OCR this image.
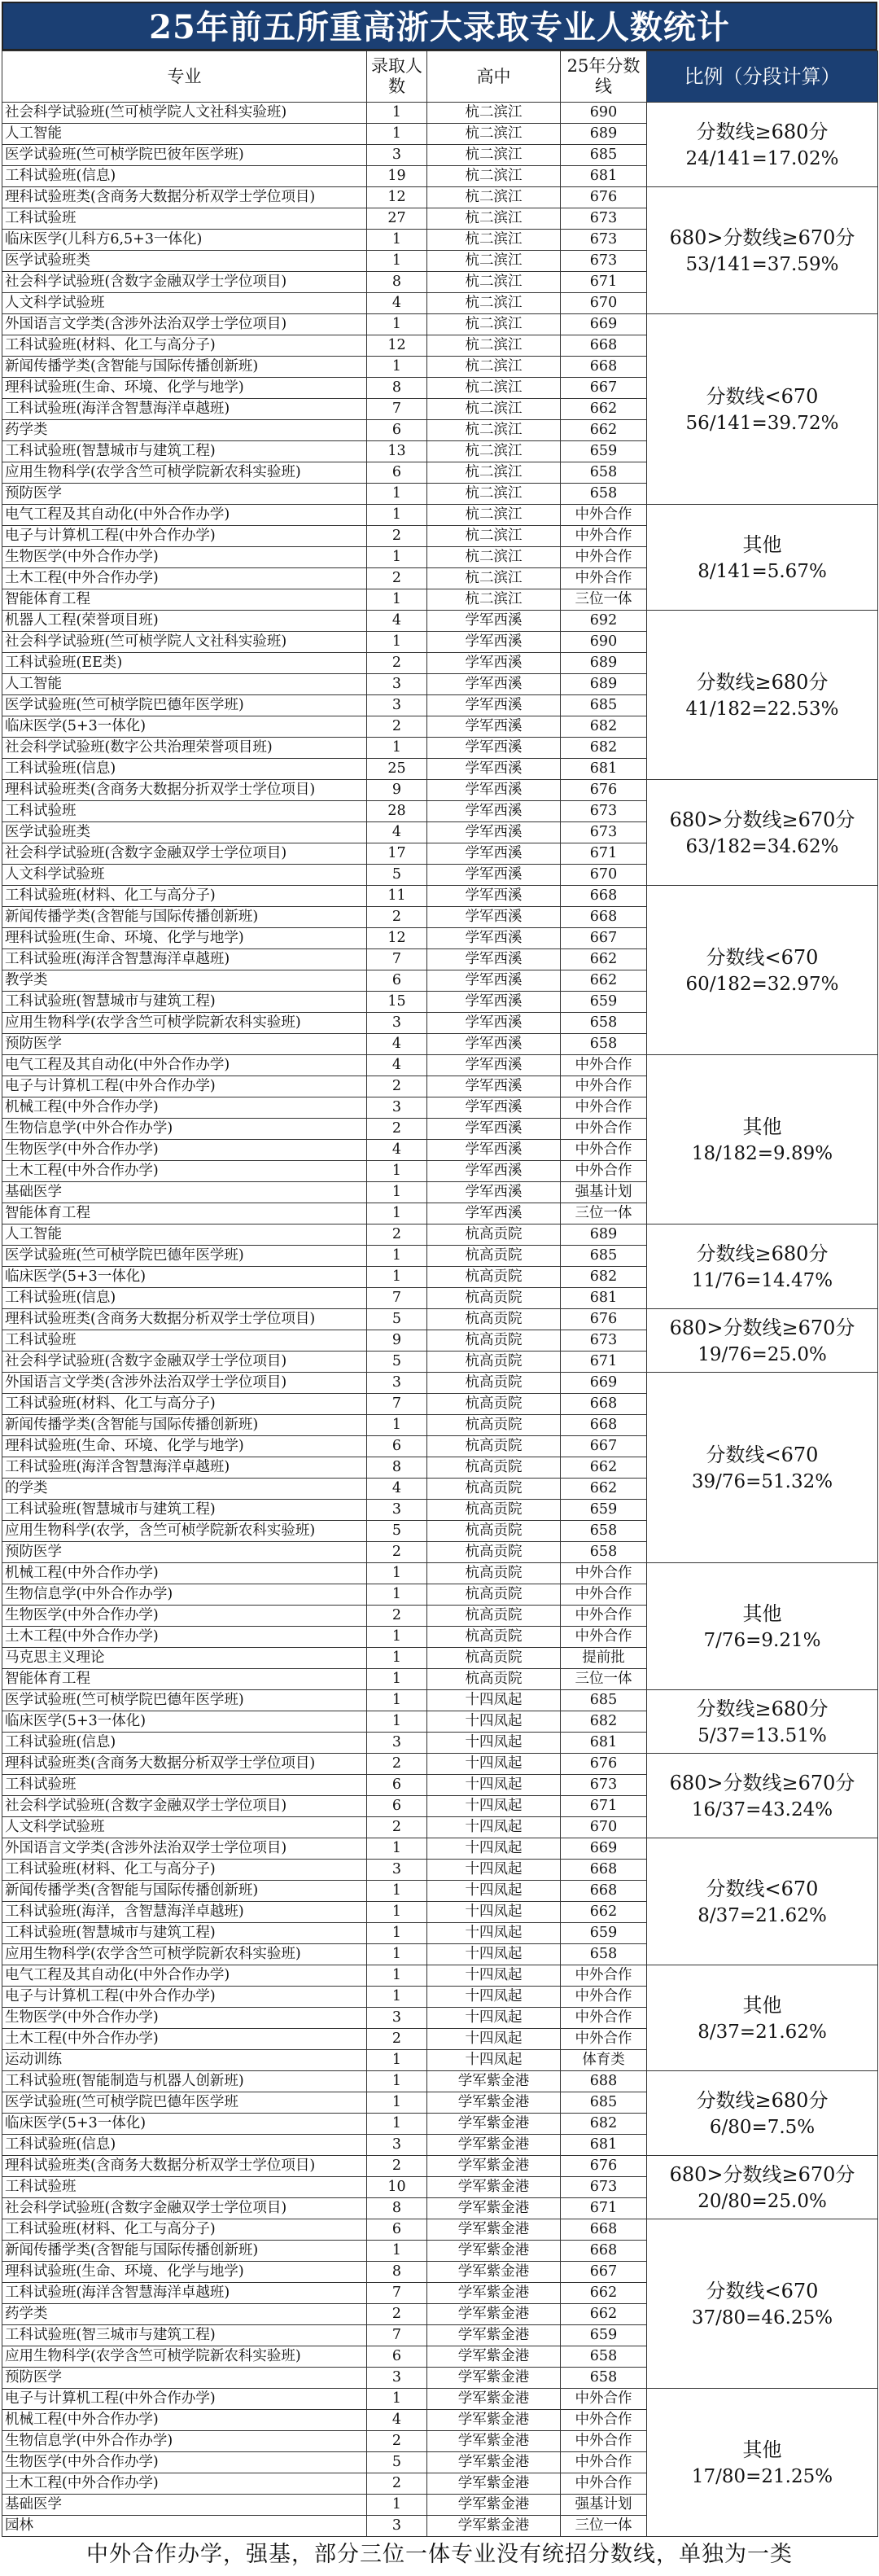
25年前五所重高浙大录取专业人数统计
专业	录取人数	高中	25年分数线	比例（分段计算）
社会科学试验班(竺可桢学院人文社科实验班)	1	杭二滨江	690	分数线≥680分
24/141=17.02%

人工智能	1	杭二滨江	689	
医学试验班(竺可桢学院巴彼年医学班)	3	杭二滨江	685	
工科试验班(信息)	19	杭二滨江	681	
理科试验班类(含商务大数据分析双学士学位项目)	12	杭二滨江	676	680>分数线≥670分
53/141=37.59%

工科试验班	27	杭二滨江	673	
临床医学(儿科方6,5+3一体化)	1	杭二滨江	673	
医学试验班类	1	杭二滨江	673	
社会科学试验班(含数字金融双学士学位项目)	8	杭二滨江	671	
人文科学试验班	4	杭二滨江	670	
外国语言文学类(含涉外法治双学士学位项目)	1	杭二滨江	669	分数线<670
56/141=39.72%

工科试验班(材料、化工与高分子)	12	杭二滨江	668	
新闻传播学类(含智能与国际传播创新班)	1	杭二滨江	668	
理科试验班(生命、环境、化学与地学)	8	杭二滨江	667	
工科试验班(海洋含智慧海洋卓越班)	7	杭二滨江	662	
药学类	6	杭二滨江	662	
工科试验班(智慧城市与建筑工程)	13	杭二滨江	659	
应用生物科学(农学含竺可桢学院新农科实验班)	6	杭二滨江	658	
预防医学	1	杭二滨江	658	
电气工程及其自动化(中外合作办学)	1	杭二滨江	中外合作	其他
8/141=5.67%

电子与计算机工程(中外合作办学)	2	杭二滨江	中外合作	
生物医学(中外合作办学)	1	杭二滨江	中外合作	
土木工程(中外合作办学)	2	杭二滨江	中外合作	
智能体育工程	1	杭二滨江	三位一体	
机器人工程(荣誉项目班)	4	学军西溪	692	分数线≥680分
41/182=22.53%

社会科学试验班(竺可桢学院人文社科实验班)	1	学军西溪	690	
工科试验班(EE类)	2	学军西溪	689	
人工智能	3	学军西溪	689	
医学试验班(竺可桢学院巴德年医学班)	3	学军西溪	685	
临床医学(5+3一体化)	2	学军西溪	682	
社会科学试验班(数字公共治理荣誉项目班)	1	学军西溪	682	
工科试验班(信息)	25	学军西溪	681	
理科试验班类(含商务大数据分折双学士学位项目)	9	学军西溪	676	680>分数线≥670分
63/182=34.62%

工科试验班	28	学军西溪	673	
医学试验班类	4	学军西溪	673	
社会科学试验班(含数字金融双学士学位项目)	17	学军西溪	671	
人文科学试验班	5	学军西溪	670	
工科试验班(材料、化工与高分子)	11	学军西溪	668	分数线<670
60/182=32.97%

新闻传播学类(含智能与国际传播创新班)	2	学军西溪	668	
理科试验班(生命、环境、化学与地学)	12	学军西溪	667	
工科试验班(海洋含智慧海洋卓越班)	7	学军西溪	662	
教学类	6	学军西溪	662	
工科试验班(智慧城市与建筑工程)	15	学军西溪	659	
应用生物科学(农学含竺可桢学院新农科实验班)	3	学军西溪	658	
预防医学	4	学军西溪	658	
电气工程及其自动化(中外合作办学)	4	学军西溪	中外合作	其他
18/182=9.89%

电子与计算机工程(中外合作办学)	2	学军西溪	中外合作	
机械工程(中外合作办学)	3	学军西溪	中外合作	
生物信息学(中外合作办学)	2	学军西溪	中外合作	
生物医学(中外合作办学)	4	学军西溪	中外合作	
土木工程(中外合作办学)	1	学军西溪	中外合作	
基础医学	1	学军西溪	强基计划	
智能体育工程	1	学军西溪	三位一体	
人工智能	2	杭高贡院	689	分数线≥680分
11/76=14.47%

医学试验班(竺可桢学院巴德年医学班)	1	杭高贡院	685	
临床医学(5+3一体化)	1	杭高贡院	682	
工科试验班(信息)	7	杭高贡院	681	
理科试验班类(含商务大数据分析双学士学位项目)	5	杭高贡院	676	680>分数线≥670分
19/76=25.0%

工科试验班	9	杭高贡院	673	
社会科学试验班(含数字金融双学士学位项目)	5	杭高贡院	671	
外国语言文学类(含涉外法治双学士学位项目)	3	杭高贡院	669	分数线<670
39/76=51.32%

工科试验班(材料、化工与高分子)	7	杭高贡院	668	
新闻传播学类(含智能与国际传播创新班)	1	杭高贡院	668	
理科试验班(生命、环境、化学与地学)	6	杭高贡院	667	
工科试验班(海洋含智慧海洋卓越班)	8	杭高贡院	662	
的学类	4	杭高贡院	662	
工科试验班(智慧城市与建筑工程)	3	杭高贡院	659	
应用生物科学(农学，含竺可桢学院新农科实验班)	5	杭高贡院	658	
预防医学	2	杭高贡院	658	
机械工程(中外合作办学)	1	杭高贡院	中外合作	其他
7/76=9.21%

生物信息学(中外合作办学)	1	杭高贡院	中外合作	
生物医学(中外合作办学)	2	杭高贡院	中外合作	
土木工程(中外合作办学)	1	杭高贡院	中外合作	
马克思主义理论	1	杭高贡院	提前批	
智能体育工程	1	杭高贡院	三位一体	
医学试验班(竺可桢学院巴德年医学班)	1	十四凤起	685	分数线≥680分
5/37=13.51%

临床医学(5+3一体化)	1	十四凤起	682	
工科试验班(信息)	3	十四凤起	681	
理科试验班类(含商务大数据分析双学士学位项目)	2	十四凤起	676	680>分数线≥670分
16/37=43.24%

工科试验班	6	十四凤起	673	
社会科学试验班(含数字金融双学士学位项目)	6	十四凤起	671	
人文科学试验班	2	十四凤起	670	
外国语言文学类(含涉外法治双学士学位项目)	1	十四凤起	669	分数线<670
8/37=21.62%

工科试验班(材料、化工与高分子)	3	十四凤起	668	
新闻传播学类(含智能与国际传播创新班)	1	十四凤起	668	
工科试验班(海洋，含智慧海洋卓越班)	1	十四凤起	662	
工科试验班(智慧城市与建筑工程)	1	十四凤起	659	
应用生物科学(农学含竺可桢学院新农科实验班)	1	十四凤起	658	
电气工程及其自动化(中外合作办学)	1	十四凤起	中外合作	其他
8/37=21.62%

电子与计算机工程(中外合作办学)	1	十四凤起	中外合作	
生物医学(中外合作办学)	3	十四凤起	中外合作	
土木工程(中外合作办学)	2	十四凤起	中外合作	
运动训练	1	十四凤起	体育类	
工科试验班(智能制造与机器人创新班)	1	学军紫金港	688	分数线≥680分
6/80=7.5%

医学试验班(竺可桢学院巴德年医学班	1	学军紫金港	685	
临床医学(5+3一体化)	1	学军紫金港	682	
工科试验班(信息)	3	学军紫金港	681	
理科试验班类(含商务大数据分析双学士学位项目)	2	学军紫金港	676	680>分数线≥670分
20/80=25.0%

工科试验班	10	学军紫金港	673	
社会科学试验班(含数字金融双学士学位项目)	8	学军紫金港	671	
工科试验班(材料、化工与高分子)	6	学军紫金港	668	分数线<670
37/80=46.25%

新闻传播学类(含智能与国际传播创新班)	1	学军紫金港	668	
理科试验班(生命、环境、化学与地学)	8	学军紫金港	667	
工科试验班(海洋含智慧海洋卓越班)	7	学军紫金港	662	
药学类	2	学军紫金港	662	
工科试验班(智三城市与建筑工程)	7	学军紫金港	659	
应用生物科学(农学含竺可桢学院新农科实验班)	6	学军紫金港	658	
预防医学	3	学军紫金港	658	
电子与计算机工程(中外合作办学)	1	学军紫金港	中外合作	其他
17/80=21.25%

机械工程(中外合作办学)	4	学军紫金港	中外合作	
生物信息学(中外合作办学)	2	学军紫金港	中外合作	
生物医学(中外合作办学)	5	学军紫金港	中外合作	
土木工程(中外合作办学)	2	学军紫金港	中外合作	
基础医学	1	学军紫金港	强基计划	
园林	3	学军紫金港	三位一体	
中外合作办学，强基，部分三位一体专业没有统招分数线，单独为一类
